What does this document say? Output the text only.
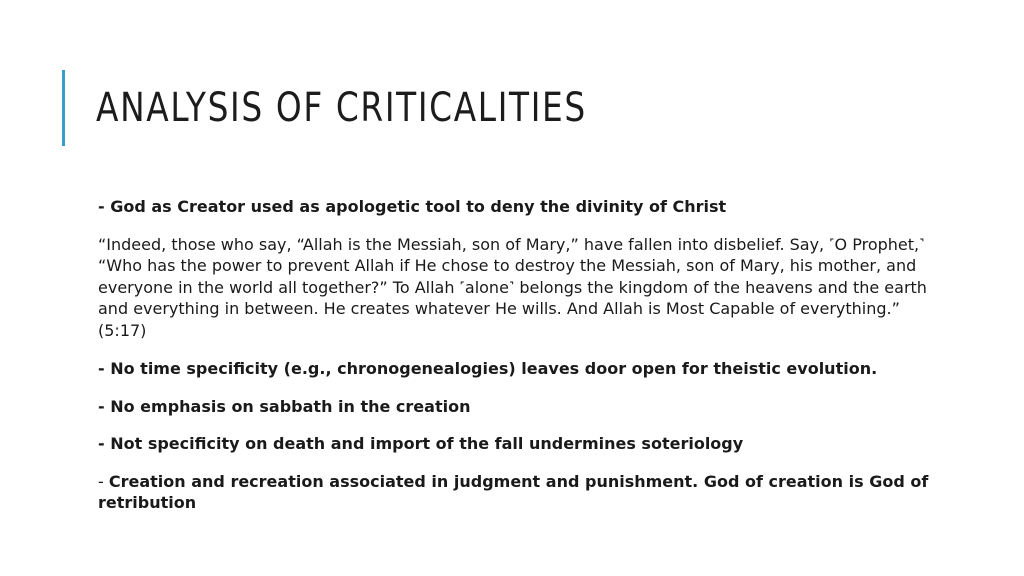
ANALYSIS OF CRITICALITIES

- God as Creator used as apologetic tool to deny the divinity of Christ

“Indeed, those who say, “Allah is the Messiah, son of Mary,” have fallen into disbelief. Say, ˹O Prophet,˺ “Who has the power to prevent Allah if He chose to destroy the Messiah, son of Mary, his mother, and everyone in the world all together?” To Allah ˹alone˺ belongs the kingdom of the heavens and the earth and everything in between. He creates whatever He wills. And Allah is Most Capable of everything.” (5:17)

- No time specificity (e.g., chronogenealogies) leaves door open for theistic evolution.

- No emphasis on sabbath in the creation

- Not specificity on death and import of the fall undermines soteriology

- Creation and recreation associated in judgment and punishment. God of creation is God of retribution
